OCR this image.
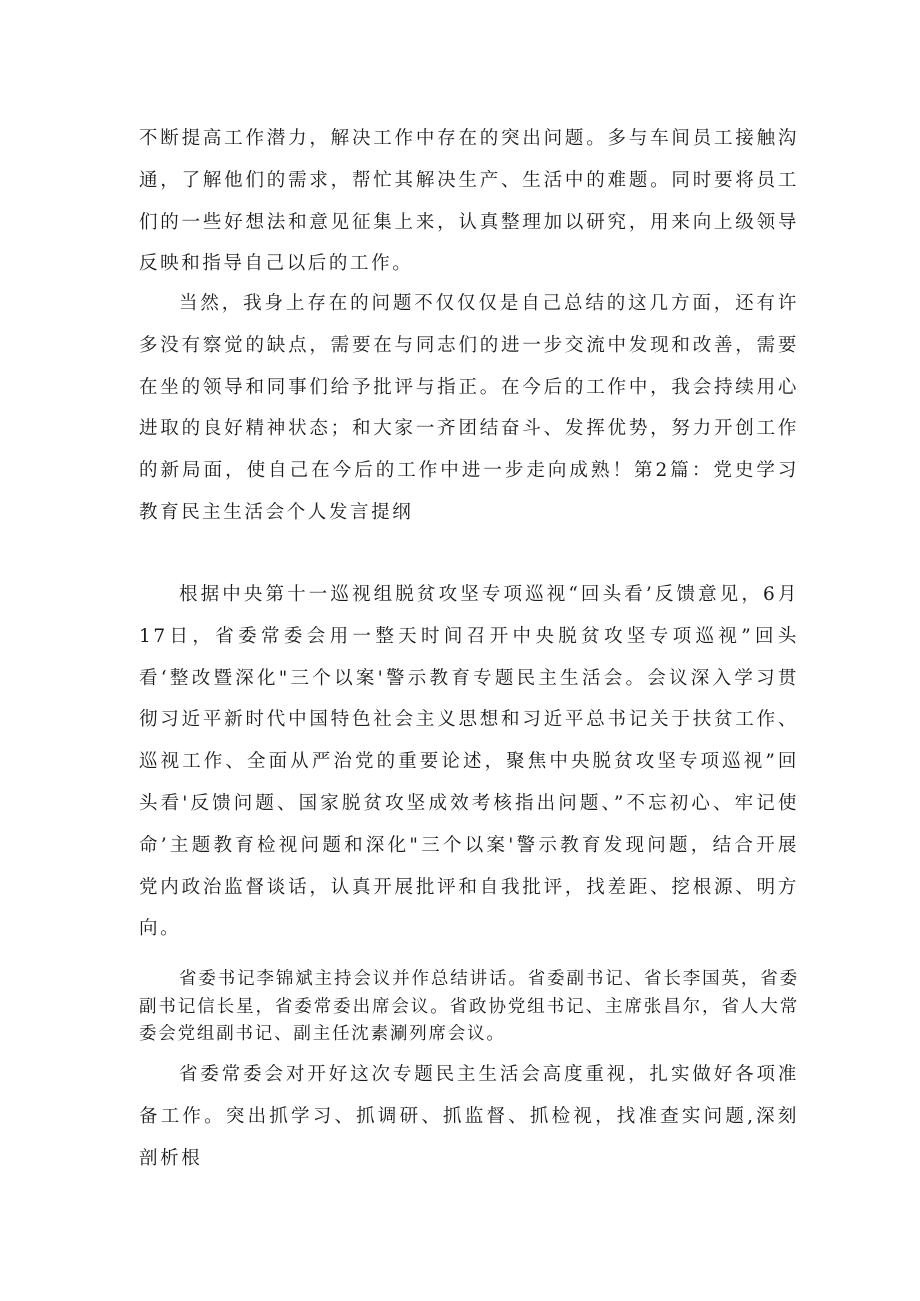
不断提高工作潜力，解决工作中存在的突出问题。多与车间员工接触沟通，了解他们的需求，帮忙其解决生产、生活中的难题。同时要将员工们的一些好想法和意见征集上来，认真整理加以研究，用来向上级领导反映和指导自己以后的工作。

当然，我身上存在的问题不仅仅仅是自己总结的这几方面，还有许多没有察觉的缺点，需要在与同志们的进一步交流中发现和改善，需要在坐的领导和同事们给予批评与指正。在今后的工作中，我会持续用心进取的良好精神状态；和大家一齐团结奋斗、发挥优势，努力开创工作的新局面，使自己在今后的工作中进一步走向成熟！第2篇：党史学习教育民主生活会个人发言提纲

根据中央第十一巡视组脱贫攻坚专项巡视“回头看’反馈意见，6月17日，省委常委会用一整天时间召开中央脱贫攻坚专项巡视”回头看‘整改暨深化"三个以案'警示教育专题民主生活会。会议深入学习贯彻习近平新时代中国特色社会主义思想和习近平总书记关于扶贫工作、巡视工作、全面从严治党的重要论述，聚焦中央脱贫攻坚专项巡视”回头看'反馈问题、国家脱贫攻坚成效考核指出问题、”不忘初心、牢记使命’主题教育检视问题和深化"三个以案'警示教育发现问题，结合开展党内政治监督谈话，认真开展批评和自我批评，找差距、挖根源、明方向。

省委书记李锦斌主持会议并作总结讲话。省委副书记、省长李国英，省委副书记信长星，省委常委出席会议。省政协党组书记、主席张昌尔，省人大常委会党组副书记、副主任沈素涮列席会议。

省委常委会对开好这次专题民主生活会高度重视，扎实做好各项准备工作。突出抓学习、抓调研、抓监督、抓检视，找准查实问题,深刻剖析根
